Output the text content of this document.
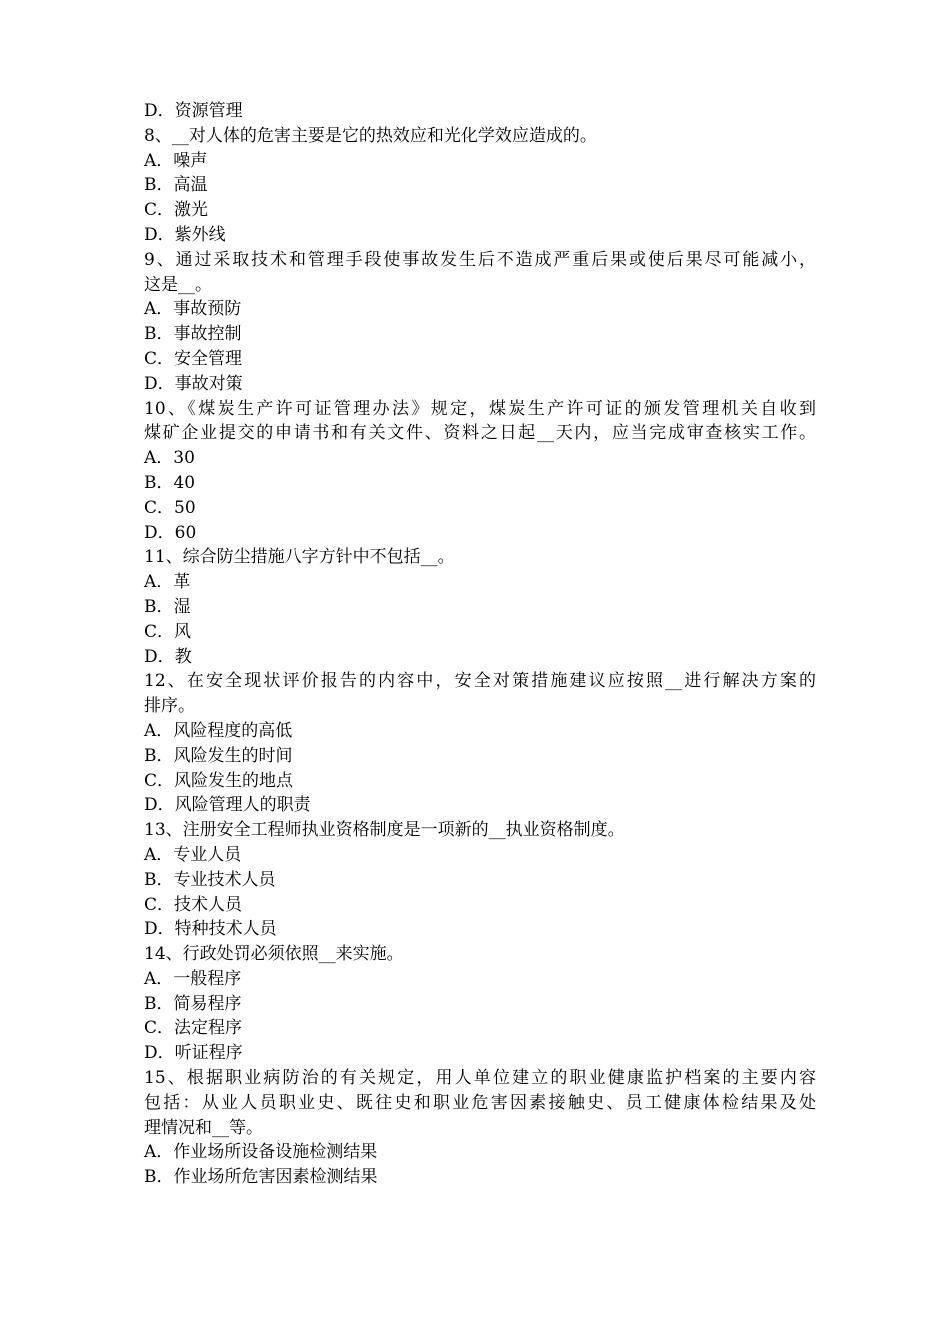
D．资源管理
8、__对人体的危害主要是它的热效应和光化学效应造成的。
A．噪声
B．高温
C．激光
D．紫外线
9、通过采取技术和管理手段使事故发生后不造成严重后果或使后果尽可能减小，
这是__。
A．事故预防
B．事故控制
C．安全管理
D．事故对策
10、《煤炭生产许可证管理办法》规定，煤炭生产许可证的颁发管理机关自收到
煤矿企业提交的申请书和有关文件、资料之日起__天内，应当完成审查核实工作。
A．30
B．40
C．50
D．60
11、综合防尘措施八字方针中不包括__。
A．革
B．湿
C．风
D．教
12、在安全现状评价报告的内容中，安全对策措施建议应按照__进行解决方案的
排序。
A．风险程度的高低
B．风险发生的时间
C．风险发生的地点
D．风险管理人的职责
13、注册安全工程师执业资格制度是一项新的__执业资格制度。
A．专业人员
B．专业技术人员
C．技术人员
D．特种技术人员
14、行政处罚必须依照__来实施。
A．一般程序
B．简易程序
C．法定程序
D．听证程序
15、根据职业病防治的有关规定，用人单位建立的职业健康监护档案的主要内容
包括：从业人员职业史、既往史和职业危害因素接触史、员工健康体检结果及处
理情况和__等。
A．作业场所设备设施检测结果
B．作业场所危害因素检测结果
